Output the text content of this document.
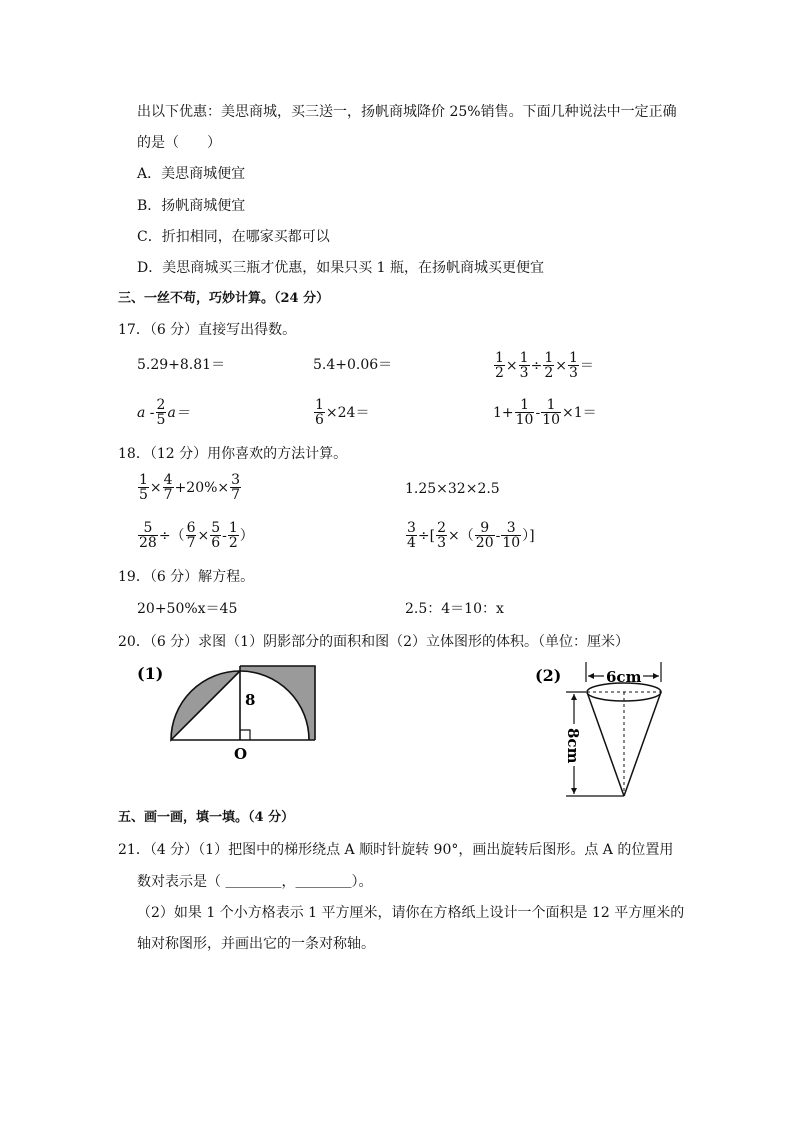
出以下优惠：美思商城，买三送一，扬帆商城降价 25%销售。下面几种说法中一定正确
的是（　　）
A．美思商城便宜
B．扬帆商城便宜
C．折扣相同，在哪家买都可以
D．美思商城买三瓶才优惠，如果只买 1 瓶，在扬帆商城买更便宜
三、一丝不苟，巧妙计算。（24 分）
17．（6 分）直接写出得数。
5.29+8.81＝	5.4+0.06＝	$\frac{1}{2} \times \frac{1}{3} \div \frac{1}{2} \times \frac{1}{3}$ ＝
$a - \frac{2}{5} a=$	$\frac{1}{6} \times 24=$	$1+ \frac{1}{10} - \frac{1}{10} \times 1=$
18．（12 分）用你喜欢的方法计算。
$\frac{1}{5} \times \frac{4}{7} +20\%\times \frac{3}{7}$	1.25×32×2.5
$\frac{5}{28}$ ÷（ $\frac{6}{7} \times \frac{5}{6} - \frac{1}{2}$ ）	$\frac{3}{4}$ ÷[ $\frac{2}{3}$ ×（ $\frac{9}{20} - \frac{3}{10}$ ）]
19．（6 分）解方程。
20+50%x＝45	2.5：4＝10：x
20．（6 分）求图（1）阴影部分的面积和图（2）立体图形的体积。（单位：厘米）
(1)
8
O
(2)	6cm
8cm
五、画一画，填一填。（4 分）
21．（4 分）（1）把图中的梯形绕点 A 顺时针旋转 90°，画出旋转后图形。点 A 的位置用
数对表示是（ ＿＿＿＿，＿＿＿＿）。
（2）如果 1 个小方格表示 1 平方厘米，请你在方格纸上设计一个面积是 12 平方厘米的
轴对称图形，并画出它的一条对称轴。
